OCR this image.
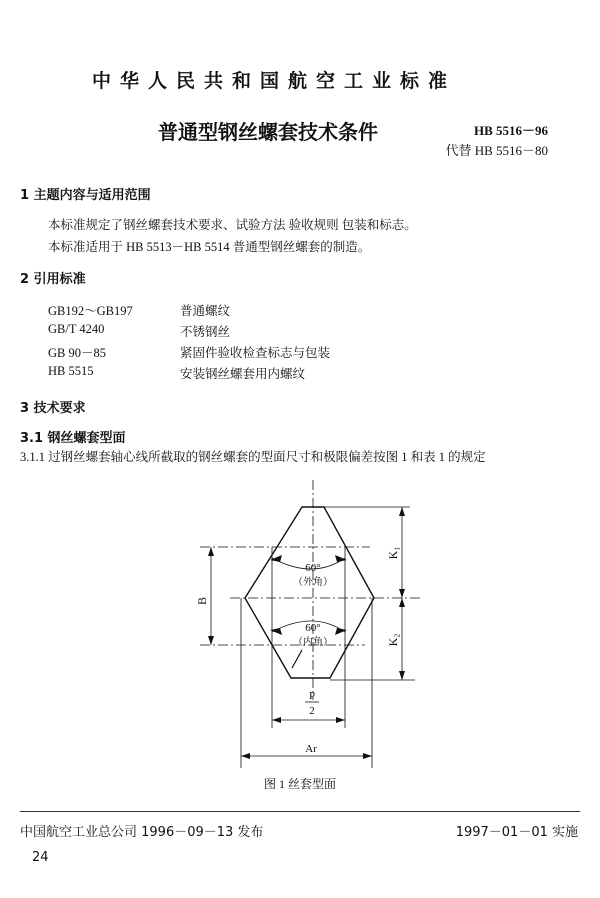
中华人民共和国航空工业标准
普通型钢丝螺套技术条件	HB 5516－96
代替 HB 5516－80
1 主题内容与适用范围
本标准规定了钢丝螺套技术要求、试验方法 验收规则 包装和标志。
本标准适用于 HB 5513－HB 5514 普通型钢丝螺套的制造。
2 引用标准
GB192～GB197	普通螺纹
GB/T 4240	不锈钢丝
GB 90－85	紧固件验收检查标志与包装
HB 5515	安装钢丝螺套用内螺纹
3 技术要求
3.1 钢丝螺套型面
3.1.1 过钢丝螺套轴心线所截取的钢丝螺套的型面尺寸和极限偏差按图 1 和表 1 的规定
60°
（外角）
60°
（内角）
B
K₁
K₂
P
2
Ar
图 1 丝套型面
中国航空工业总公司 1996－09－13 发布	1997－01－01 实施
24
